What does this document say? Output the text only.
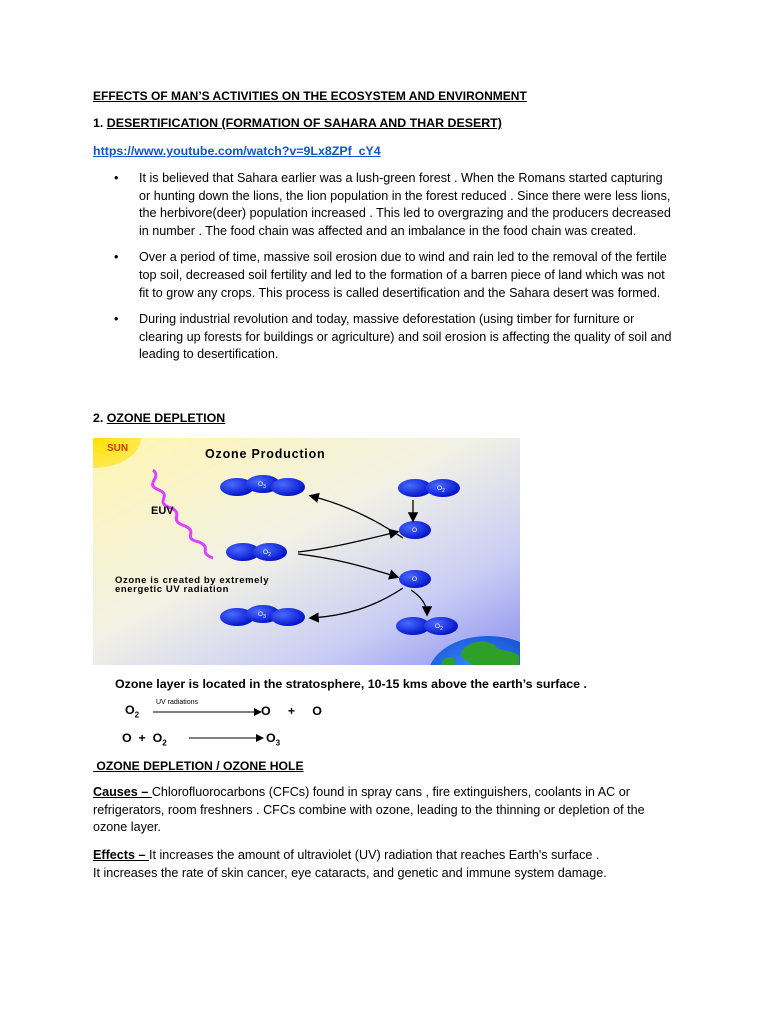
EFFECTS OF MAN’S ACTIVITIES ON THE ECOSYSTEM AND ENVIRONMENT
1. DESERTIFICATION (FORMATION OF SAHARA AND THAR DESERT)
https://www.youtube.com/watch?v=9Lx8ZPf_cY4
• It is believed that Sahara earlier was a lush-green forest . When the Romans started capturing or hunting down the lions, the lion population in the forest reduced . Since there were less lions, the herbivore(deer) population increased . This led to overgrazing and the producers decreased in number . The food chain was affected and an imbalance in the food chain was created.
• Over a period of time, massive soil erosion due to wind and rain led to the removal of the fertile top soil, decreased soil fertility and led to the formation of a barren piece of land which was not fit to grow any crops. This process is called desertification and the Sahara desert was formed.
• During industrial revolution and today, massive deforestation (using timber for furniture or clearing up forests for buildings or agriculture) and soil erosion is affecting the quality of soil and leading to desertification.
2. OZONE DEPLETION
SUN	Ozone Production
EUV
$O_3$	$O_2$
O
$O_2$
O
$O_3$
$O_2$
Ozone is created by extremely
energetic UV radiation
Ozone layer is located in the stratosphere, 10-15 kms above the earth’s surface .
$O_2$
UV radiations
O     +     O
$O + O_2$	$O_3$
OZONE DEPLETION / OZONE HOLE
Causes – Chlorofluorocarbons (CFCs) found in spray cans , fire extinguishers, coolants in AC or refrigerators, room freshners . CFCs combine with ozone, leading to the thinning or depletion of the ozone layer.
Effects – It increases the amount of ultraviolet (UV) radiation that reaches Earth's surface .
It increases the rate of skin cancer, eye cataracts, and genetic and immune system damage.
